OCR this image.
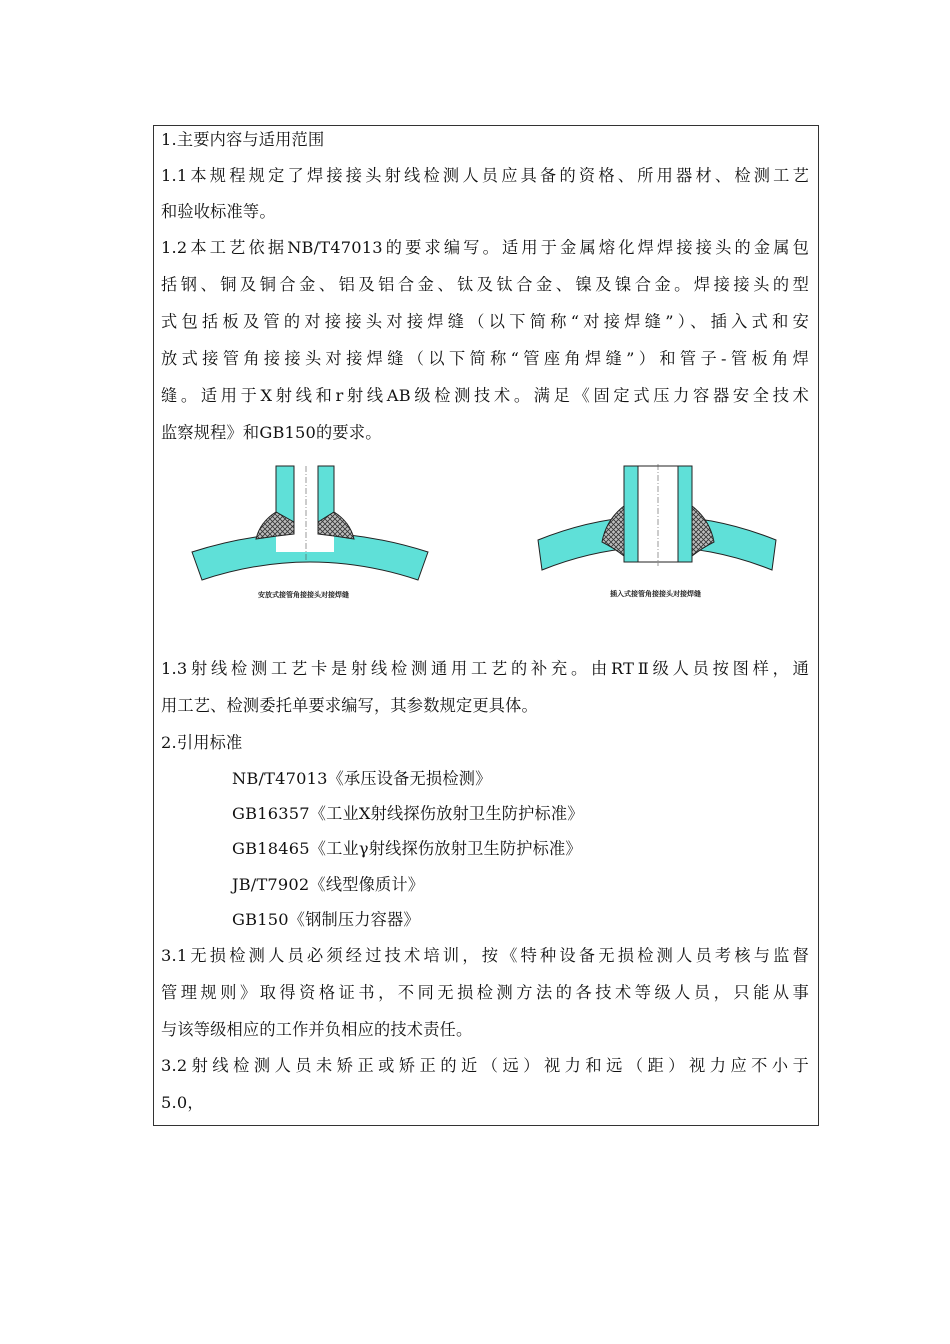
1.主要内容与适用范围
1.1本规程规定了焊接接头射线检测人员应具备的资格、所用器材、检测工艺
和验收标准等。
1.2本工艺依据NB/T47013的要求编写。适用于金属熔化焊焊接接头的金属包
括钢、铜及铜合金、铝及铝合金、钛及钛合金、镍及镍合金。焊接接头的型
式包括板及管的对接接头对接焊缝（以下简称“对接焊缝”）、插入式和安
放式接管角接接头对接焊缝（以下简称“管座角焊缝”）和管子-管板角焊
缝。适用于X射线和r射线AB级检测技术。满足《固定式压力容器安全技术
监察规程》和GB150的要求。
安放式接管角接接头对接焊缝	插入式接管角接接头对接焊缝
1.3射线检测工艺卡是射线检测通用工艺的补充。由RTⅡ级人员按图样，通
用工艺、检测委托单要求编写，其参数规定更具体。
2.引用标准
NB/T47013《承压设备无损检测》
GB16357《工业X射线探伤放射卫生防护标准》
GB18465《工业γ射线探伤放射卫生防护标准》
JB/T7902《线型像质计》
GB150《钢制压力容器》
3.1无损检测人员必须经过技术培训，按《特种设备无损检测人员考核与监督
管理规则》取得资格证书，不同无损检测方法的各技术等级人员，只能从事
与该等级相应的工作并负相应的技术责任。
3.2射线检测人员未矫正或矫正的近（远）视力和远（距）视力应不小于
5.0，
